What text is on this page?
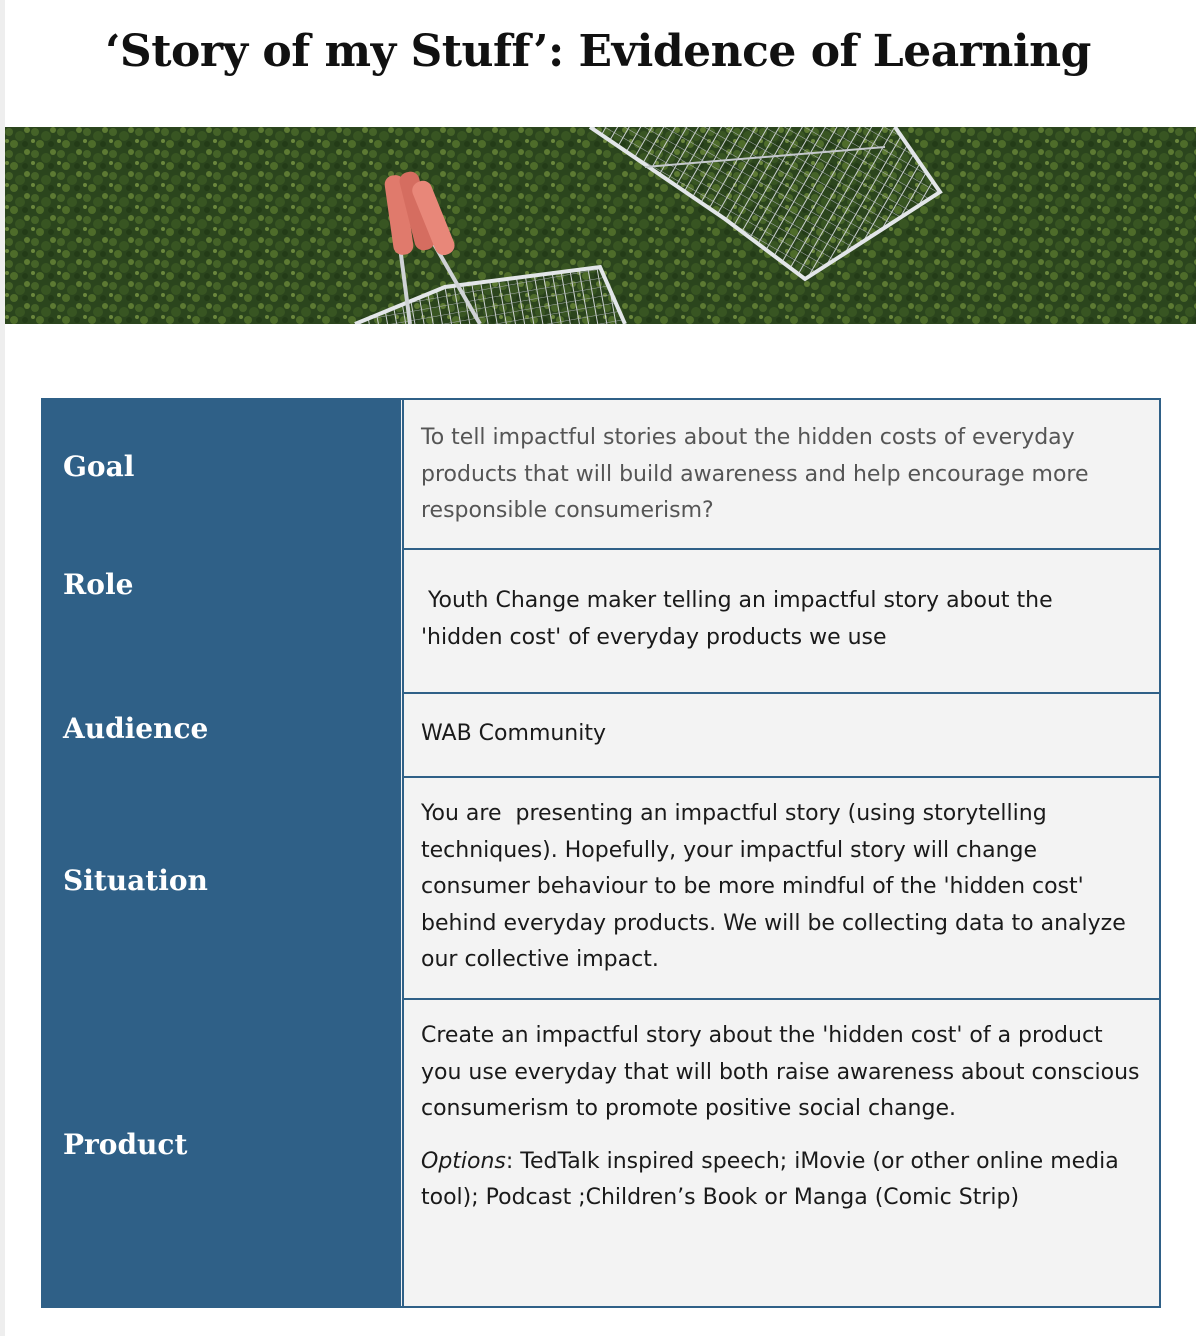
‘Story of my Stuff’: Evidence of Learning
Goal

To tell impactful stories about the hidden costs of everyday products that will build awareness and help encourage more responsible consumerism?

Role	Youth Change maker telling an impactful story about the 'hidden cost' of everyday products we use

Audience	WAB Community

Situation

You are  presenting an impactful story (using storytelling techniques). Hopefully, your impactful story will change consumer behaviour to be more mindful of the 'hidden cost' behind everyday products. We will be collecting data to analyze our collective impact.

Product

Create an impactful story about the 'hidden cost' of a product you use everyday that will both raise awareness about conscious consumerism to promote positive social change.

Options: TedTalk inspired speech; iMovie (or other online media tool); Podcast ;Children’s Book or Manga (Comic Strip)
